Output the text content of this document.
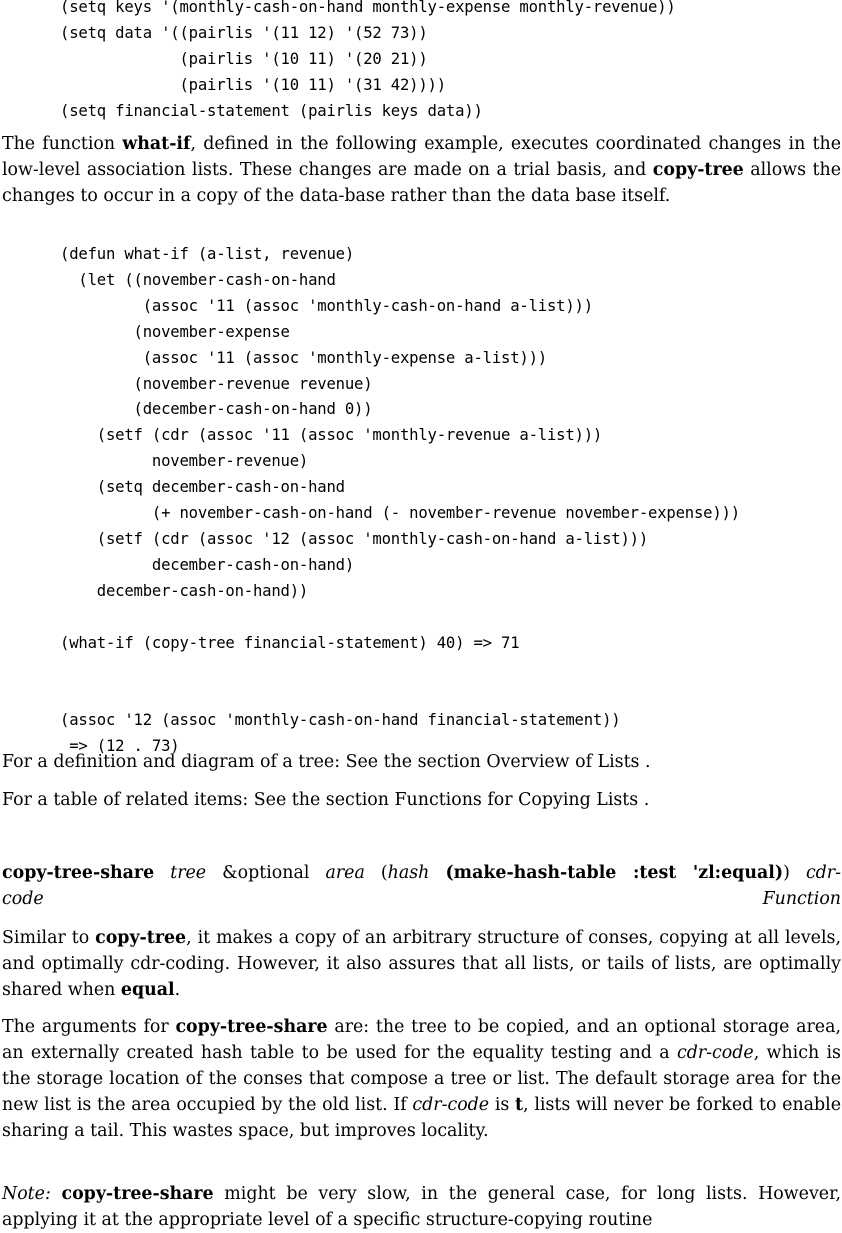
(setq keys '(monthly-cash-on-hand monthly-expense monthly-revenue))
(setq data '((pairlis '(11 12) '(52 73))
(pairlis '(10 11) '(20 21))
(pairlis '(10 11) '(31 42))))
(setq financial-statement (pairlis keys data))

The function what-if, defined in the following example, executes coordinated changes in the low-level association lists. These changes are made on a trial basis, and copy-tree allows the changes to occur in a copy of the data-base rather than the data base itself.

(defun what-if (a-list, revenue)
(let ((november-cash-on-hand
(assoc '11 (assoc 'monthly-cash-on-hand a-list)))
(november-expense
(assoc '11 (assoc 'monthly-expense a-list)))
(november-revenue revenue)
(december-cash-on-hand 0))
(setf (cdr (assoc '11 (assoc 'monthly-revenue a-list)))
november-revenue)
(setq december-cash-on-hand
(+ november-cash-on-hand (- november-revenue november-expense)))
(setf (cdr (assoc '12 (assoc 'monthly-cash-on-hand a-list)))
december-cash-on-hand)
december-cash-on-hand))

(what-if (copy-tree financial-statement) 40) => 71

(assoc '12 (assoc 'monthly-cash-on-hand financial-statement))
=> (12 . 73)

For a definition and diagram of a tree: See the section Overview of Lists .

For a table of related items: See the section Functions for Copying Lists .

copy-tree-share tree &optional area (hash (make-hash-table :test 'zl:equal)) cdr-

code	Function

Similar to copy-tree, it makes a copy of an arbitrary structure of conses, copying at all levels, and optimally cdr-coding. However, it also assures that all lists, or tails of lists, are optimally shared when equal.

The arguments for copy-tree-share are: the tree to be copied, and an optional storage area, an externally created hash table to be used for the equality testing and a cdr-code, which is the storage location of the conses that compose a tree or list. The default storage area for the new list is the area occupied by the old list. If cdr-code is t, lists will never be forked to enable sharing a tail. This wastes space, but improves locality.

Note: copy-tree-share might be very slow, in the general case, for long lists. However, applying it at the appropriate level of a specific structure-copying routine
